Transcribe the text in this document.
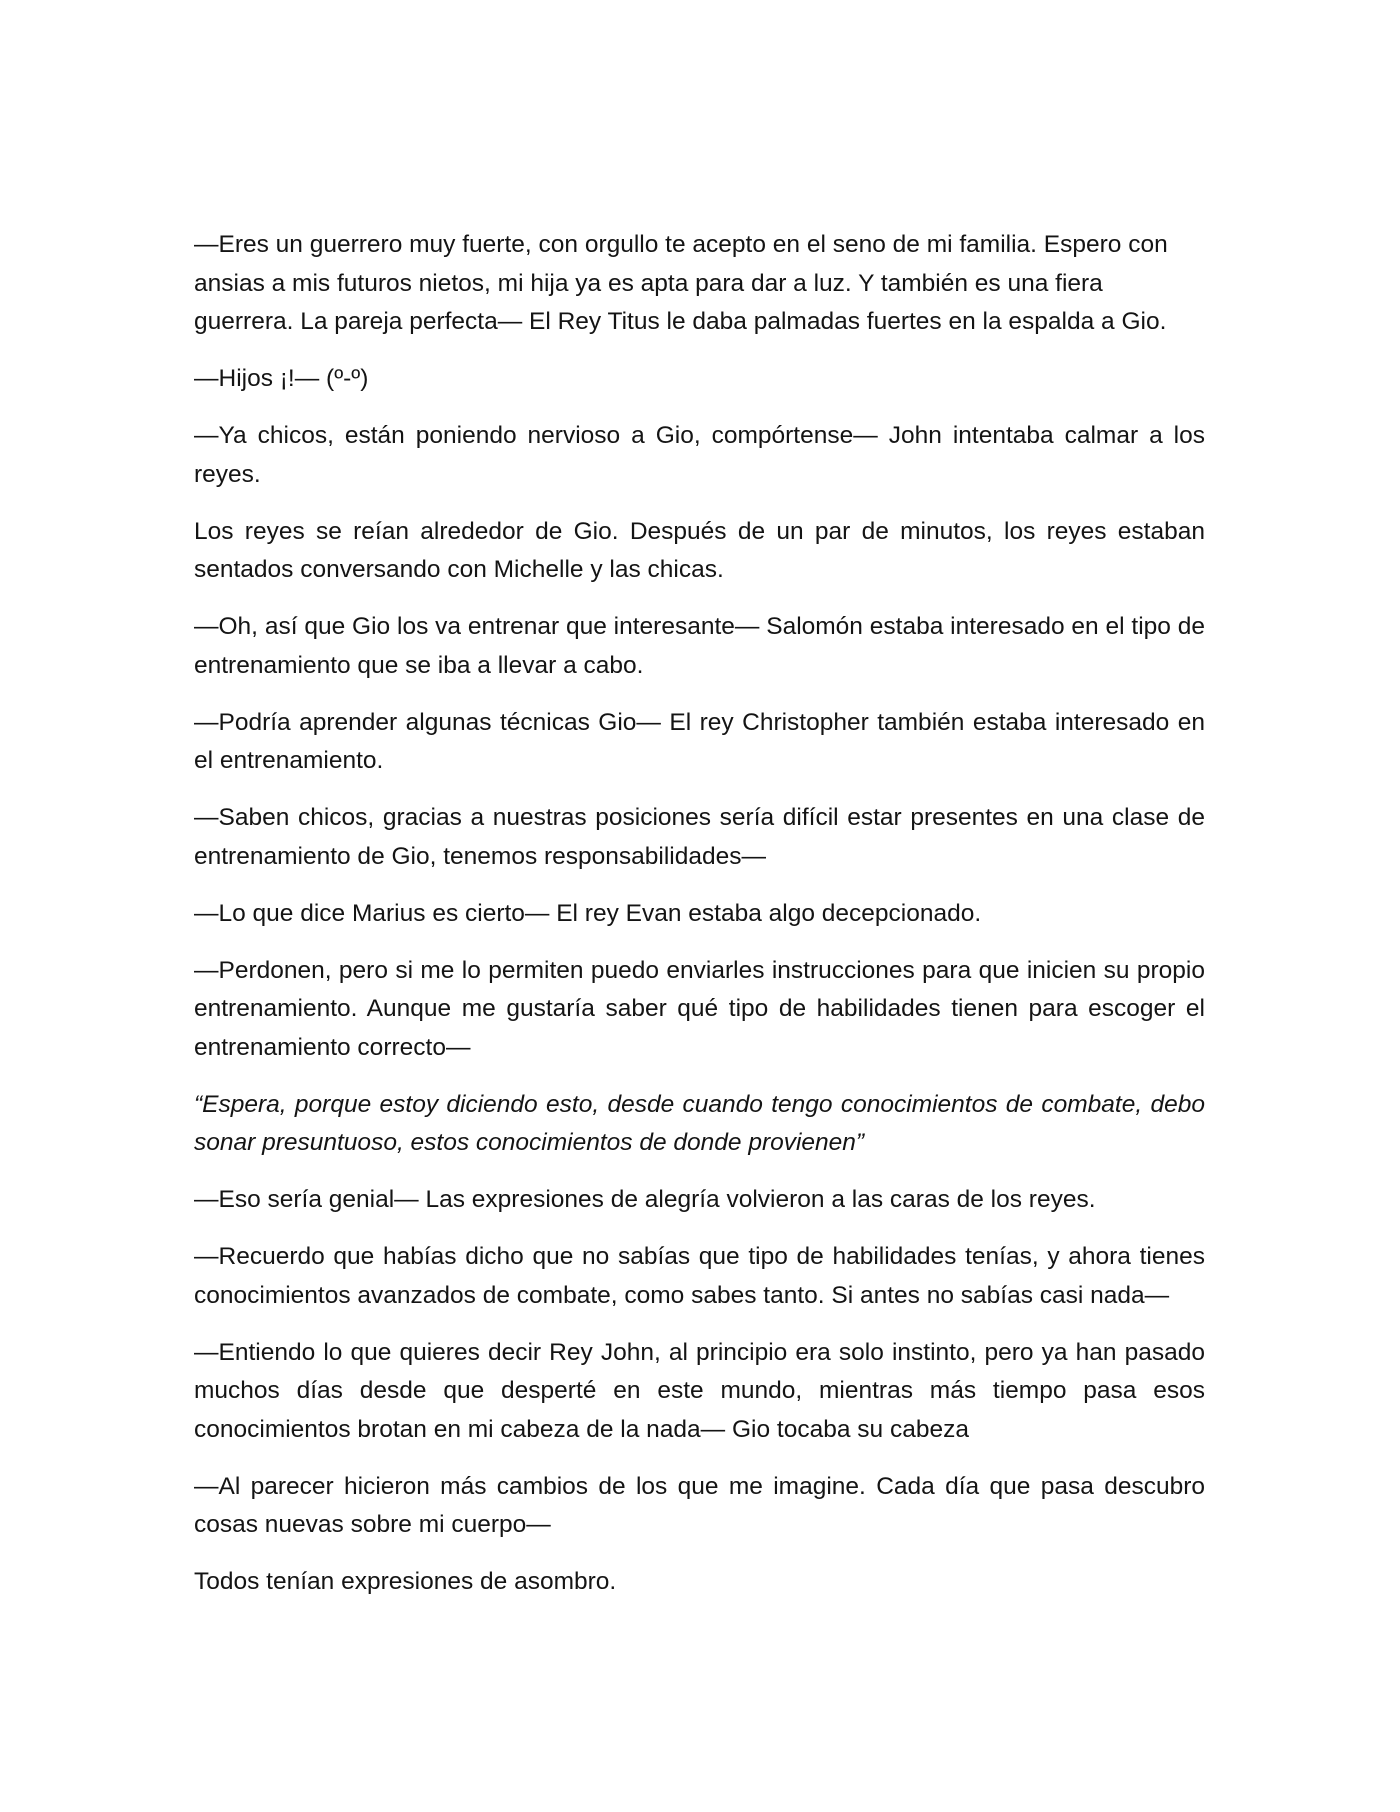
—Eres un guerrero muy fuerte, con orgullo te acepto en el seno de mi familia. Espero con ansias a mis futuros nietos, mi hija ya es apta para dar a luz. Y también es una fiera guerrera. La pareja perfecta— El Rey Titus le daba palmadas fuertes en la espalda a Gio.

—Hijos ¡!— (º-º)

—Ya chicos, están poniendo nervioso a Gio, compórtense— John intentaba calmar a los reyes.

Los reyes se reían alrededor de Gio. Después de un par de minutos, los reyes estaban sentados conversando con Michelle y las chicas.

—Oh, así que Gio los va entrenar que interesante— Salomón estaba interesado en el tipo de entrenamiento que se iba a llevar a cabo.

—Podría aprender algunas técnicas Gio— El rey Christopher también estaba interesado en el entrenamiento.

—Saben chicos, gracias a nuestras posiciones sería difícil estar presentes en una clase de entrenamiento de Gio, tenemos responsabilidades—

—Lo que dice Marius es cierto— El rey Evan estaba algo decepcionado.

—Perdonen, pero si me lo permiten puedo enviarles instrucciones para que inicien su propio entrenamiento. Aunque me gustaría saber qué tipo de habilidades tienen para escoger el entrenamiento correcto—

“Espera, porque estoy diciendo esto, desde cuando tengo conocimientos de combate, debo sonar presuntuoso, estos conocimientos de donde provienen”

—Eso sería genial— Las expresiones de alegría volvieron a las caras de los reyes.

—Recuerdo que habías dicho que no sabías que tipo de habilidades tenías, y ahora tienes conocimientos avanzados de combate, como sabes tanto. Si antes no sabías casi nada—

—Entiendo lo que quieres decir Rey John, al principio era solo instinto, pero ya han pasado muchos días desde que desperté en este mundo, mientras más tiempo pasa esos conocimientos brotan en mi cabeza de la nada— Gio tocaba su cabeza

—Al parecer hicieron más cambios de los que me imagine. Cada día que pasa descubro cosas nuevas sobre mi cuerpo—

Todos tenían expresiones de asombro.
